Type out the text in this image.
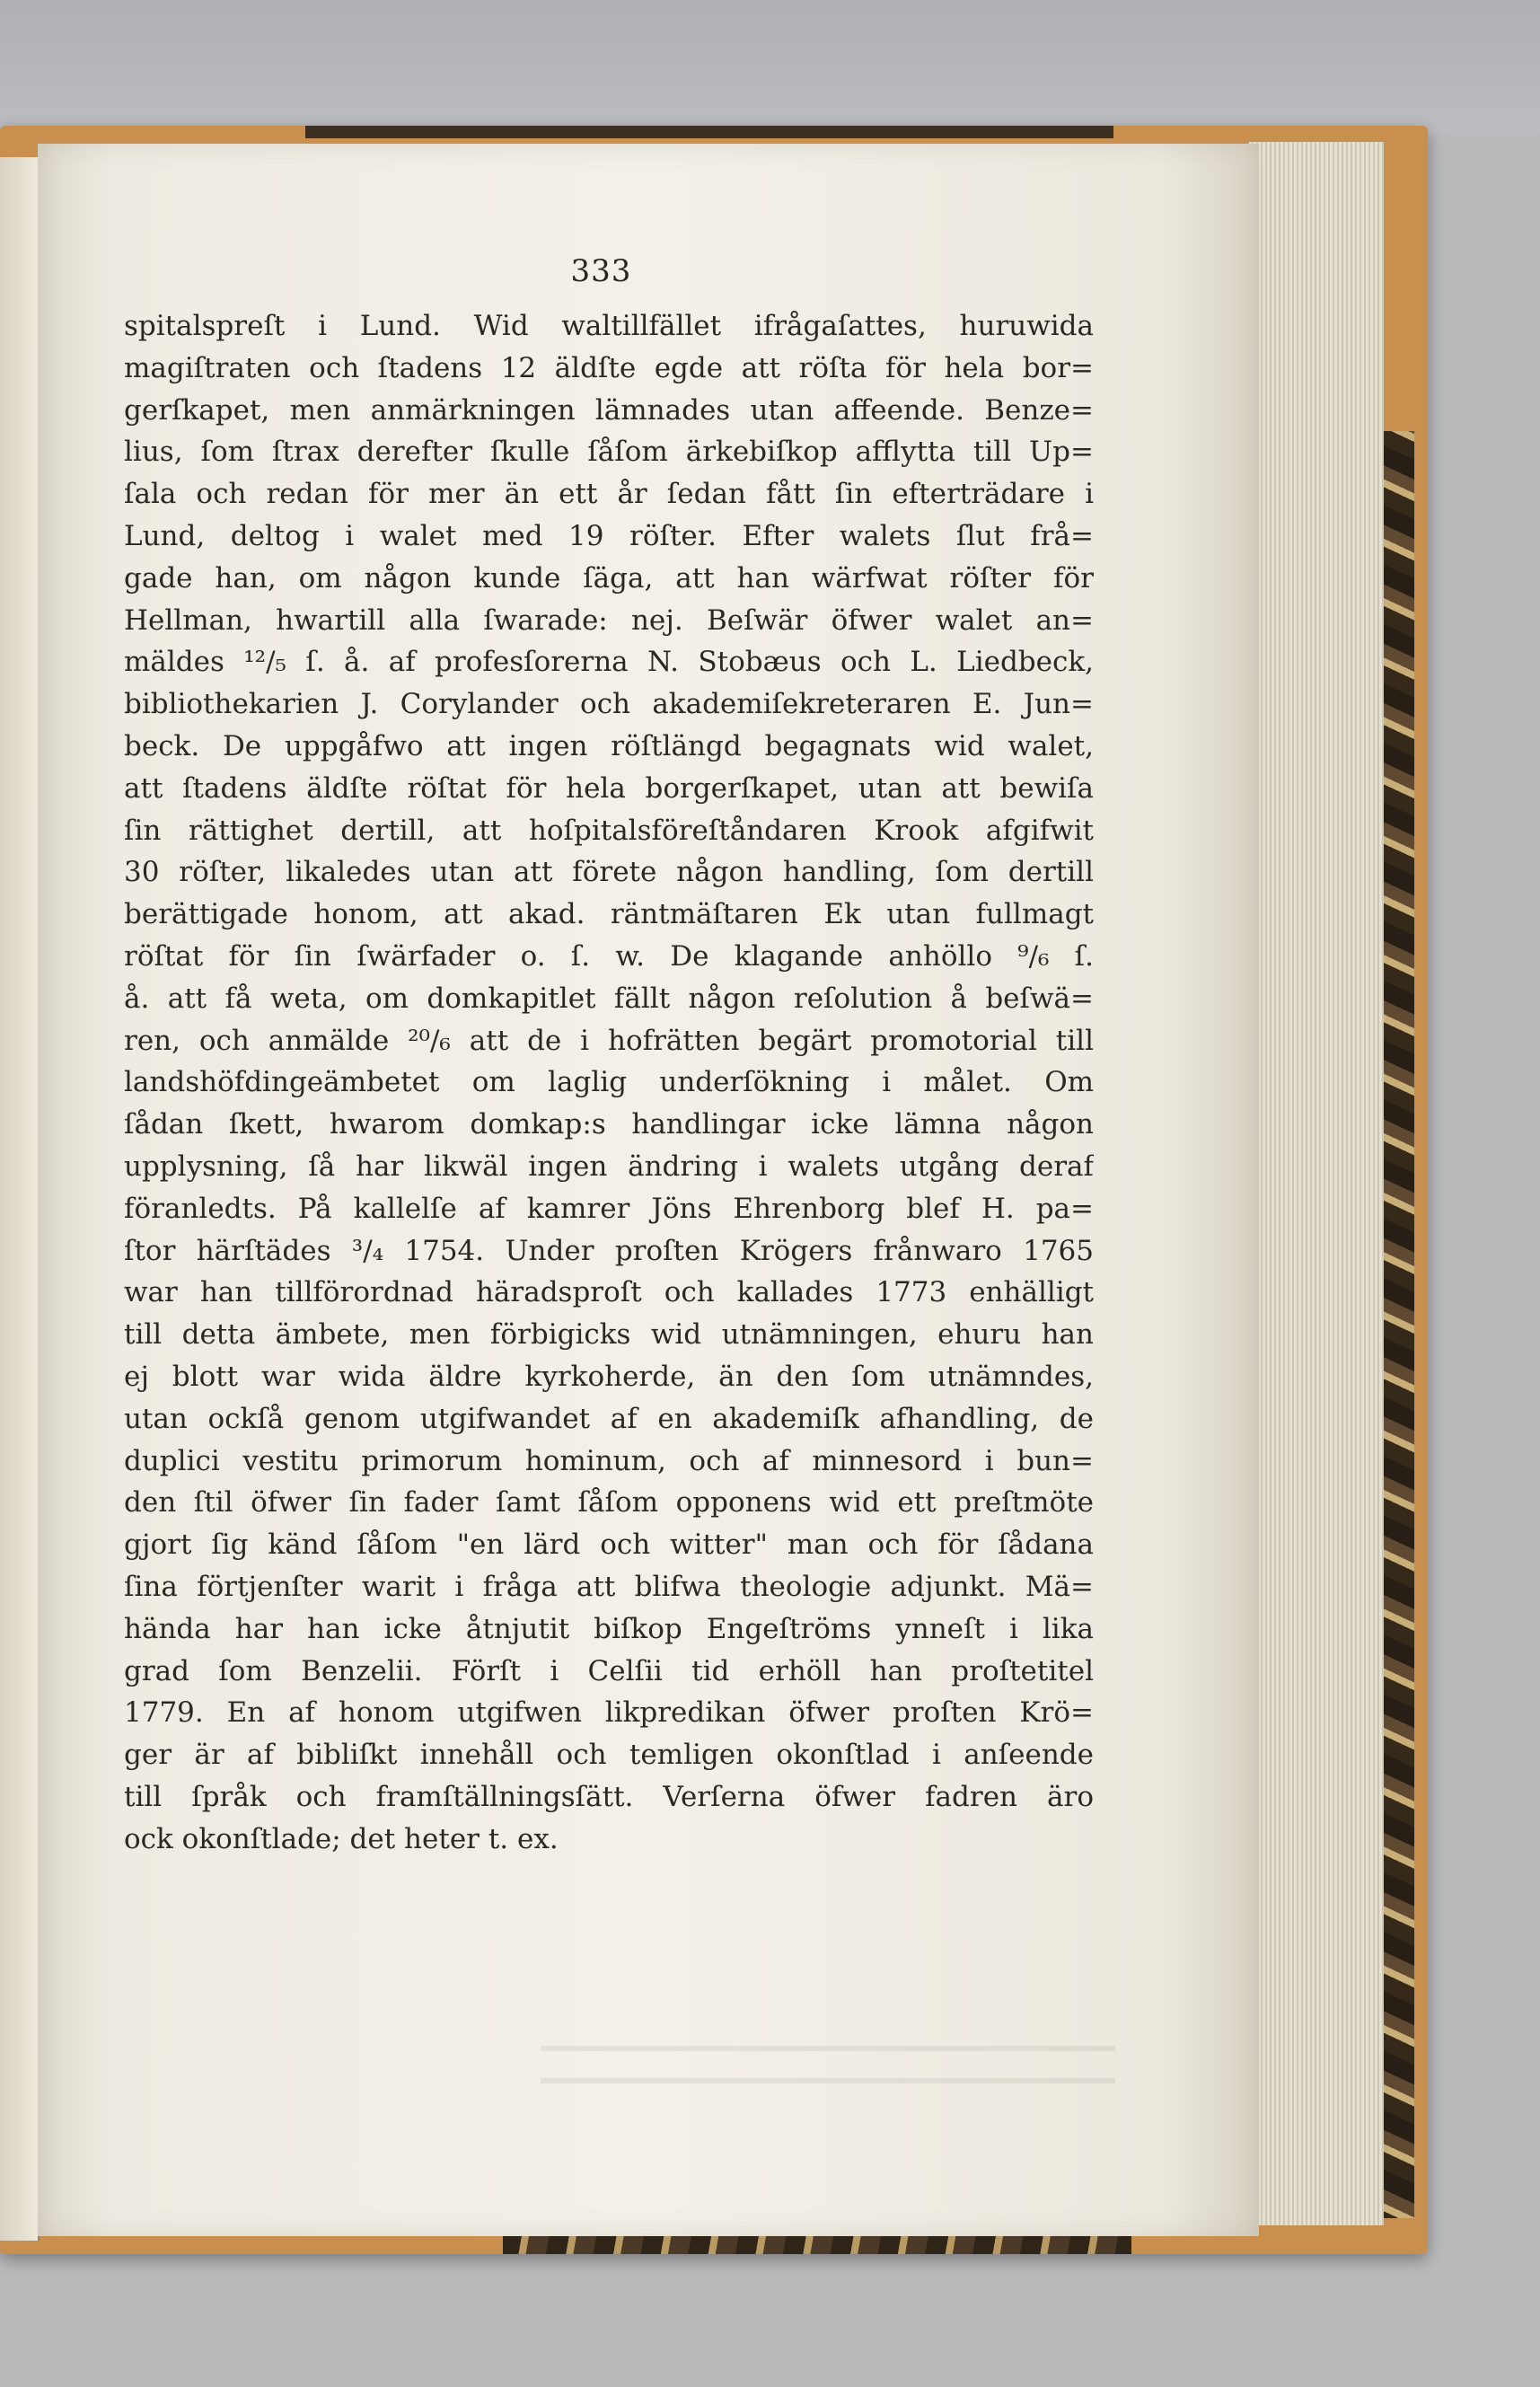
333
spitalspreſt i Lund. Wid waltillfället ifrågaſattes, huruwida
magiſtraten och ſtadens 12 äldſte egde att röſta för hela bor=
gerſkapet, men anmärkningen lämnades utan affeende. Benze=
lius, ſom ſtrax derefter ſkulle ſåſom ärkebiſkop afflytta till Up=
ſala och redan för mer än ett år ſedan fått ſin efterträdare i
Lund, deltog i walet med 19 röſter. Efter walets ſlut frå=
gade han, om någon kunde ſäga, att han wärfwat röſter för
Hellman, hwartill alla ſwarade: nej. Beſwär öfwer walet an=
mäldes ¹²/₅ ſ. å. af profesſorerna N. Stobæus och L. Liedbeck,
bibliothekarien J. Corylander och akademiſekreteraren E. Jun=
beck. De uppgåfwo att ingen röſtlängd begagnats wid walet,
att ſtadens äldſte röſtat för hela borgerſkapet, utan att bewiſa
ſin rättighet dertill, att hoſpitalsföreſtåndaren Krook afgifwit
30 röſter, likaledes utan att förete någon handling, ſom dertill
berättigade honom, att akad. räntmäſtaren Ek utan fullmagt
röſtat för ſin ſwärfader o. ſ. w. De klagande anhöllo ⁹/₆ ſ.
å. att få weta, om domkapitlet fällt någon reſolution å beſwä=
ren, och anmälde ²⁰/₆ att de i hofrätten begärt promotorial till
landshöfdingeämbetet om laglig underſökning i målet. Om
ſådan ſkett, hwarom domkap:s handlingar icke lämna någon
upplysning, ſå har likwäl ingen ändring i walets utgång deraf
föranledts. På kallelſe af kamrer Jöns Ehrenborg blef H. pa=
ſtor härſtädes ³/₄ 1754. Under proſten Krögers frånwaro 1765
war han tillförordnad häradsproſt och kallades 1773 enhälligt
till detta ämbete, men förbigicks wid utnämningen, ehuru han
ej blott war wida äldre kyrkoherde, än den ſom utnämndes,
utan ockſå genom utgifwandet af en akademiſk afhandling, de
duplici vestitu primorum hominum, och af minnesord i bun=
den ſtil öfwer ſin fader ſamt ſåſom opponens wid ett preſtmöte
gjort ſig känd ſåſom "en lärd och witter" man och för ſådana
ſina förtjenſter warit i fråga att blifwa theologie adjunkt. Mä=
hända har han icke åtnjutit biſkop Engeſtröms ynneſt i lika
grad ſom Benzelii. Förſt i Celſii tid erhöll han proſtetitel
1779. En af honom utgifwen likpredikan öfwer proſten Krö=
ger är af bibliſkt innehåll och temligen okonſtlad i anſeende
till ſpråk och framſtällningsſätt. Verſerna öfwer fadren äro
ock okonſtlade; det heter t. ex.
